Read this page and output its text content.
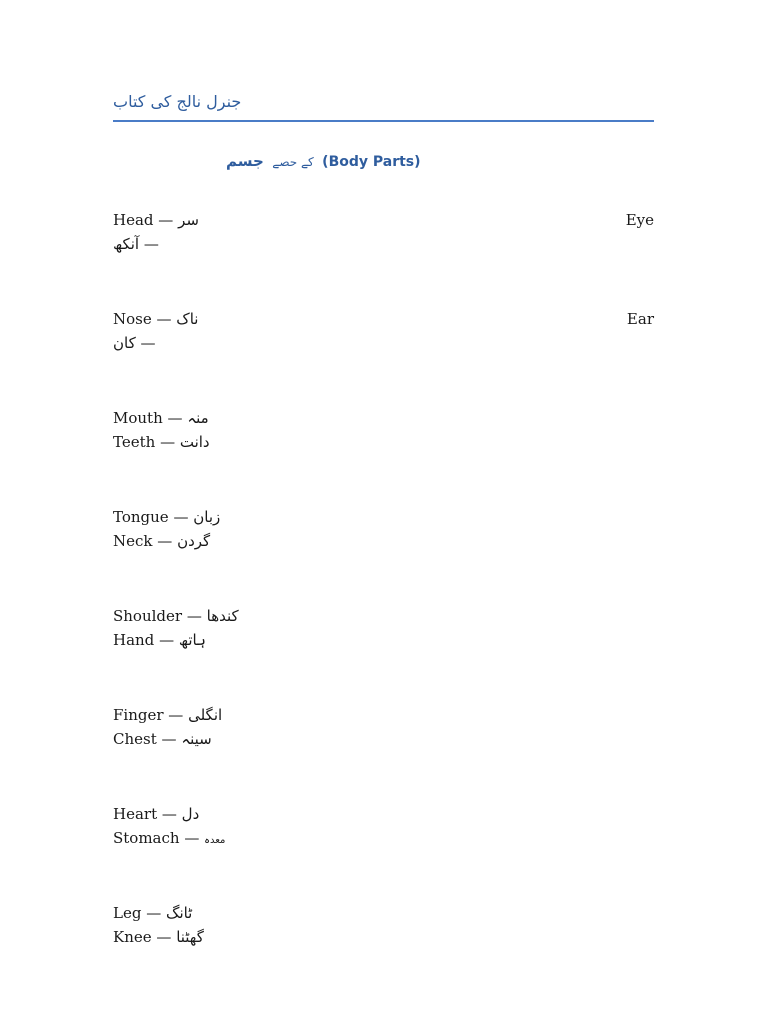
جنرل نالج کی کتاب
کے حصے جسم	(Body Parts)
Head — سر	Eye
آنکھ —
Nose — ناک	Ear
کان —
Mouth — منہ
Teeth — دانت
Tongue — زبان
Neck — گردن
Shoulder — کندھا
Hand — ہاتھ
Finger — انگلی
Chest — سینہ
Heart — دل
Stomach — معدہ
Leg — ٹانگ
Knee — گھٹنا
